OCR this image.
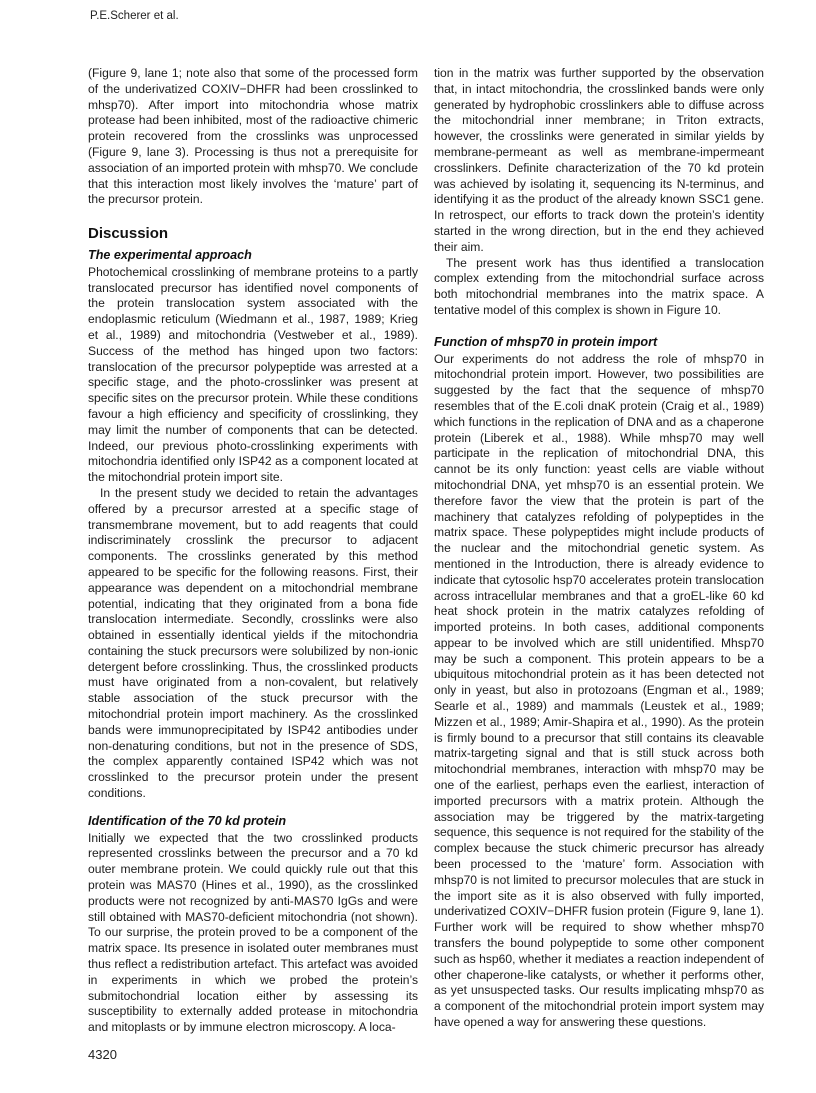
P.E.Scherer et al.

(Figure 9, lane 1; note also that some of the processed form of the underivatized COXIV−DHFR had been crosslinked to mhsp70). After import into mitochondria whose matrix protease had been inhibited, most of the radioactive chimeric protein recovered from the crosslinks was unprocessed (Figure 9, lane 3). Processing is thus not a prerequisite for association of an imported protein with mhsp70. We conclude that this interaction most likely involves the ‘mature’ part of the precursor protein.

Discussion
The experimental approach

Photochemical crosslinking of membrane proteins to a partly translocated precursor has identified novel components of the protein translocation system associated with the endoplasmic reticulum (Wiedmann et al., 1987, 1989; Krieg et al., 1989) and mitochondria (Vestweber et al., 1989). Success of the method has hinged upon two factors: translocation of the precursor polypeptide was arrested at a specific stage, and the photo-crosslinker was present at specific sites on the precursor protein. While these conditions favour a high efficiency and specificity of crosslinking, they may limit the number of components that can be detected. Indeed, our previous photo-crosslinking experiments with mitochondria identified only ISP42 as a component located at the mitochondrial protein import site.

In the present study we decided to retain the advantages offered by a precursor arrested at a specific stage of transmembrane movement, but to add reagents that could indiscriminately crosslink the precursor to adjacent components. The crosslinks generated by this method appeared to be specific for the following reasons. First, their appearance was dependent on a mitochondrial membrane potential, indicating that they originated from a bona fide translocation intermediate. Secondly, crosslinks were also obtained in essentially identical yields if the mitochondria containing the stuck precursors were solubilized by non-ionic detergent before crosslinking. Thus, the crosslinked products must have originated from a non-covalent, but relatively stable association of the stuck precursor with the mitochondrial protein import machinery. As the crosslinked bands were immunoprecipitated by ISP42 antibodies under non-denaturing conditions, but not in the presence of SDS, the complex apparently contained ISP42 which was not crosslinked to the precursor protein under the present conditions.

Identification of the 70 kd protein

Initially we expected that the two crosslinked products represented crosslinks between the precursor and a 70 kd outer membrane protein. We could quickly rule out that this protein was MAS70 (Hines et al., 1990), as the crosslinked products were not recognized by anti-MAS70 IgGs and were still obtained with MAS70-deficient mitochondria (not shown). To our surprise, the protein proved to be a component of the matrix space. Its presence in isolated outer membranes must thus reflect a redistribution artefact. This artefact was avoided in experiments in which we probed the protein’s submitochondrial location either by assessing its susceptibility to externally added protease in mitochondria and mitoplasts or by immune electron microscopy. A loca-

tion in the matrix was further supported by the observation that, in intact mitochondria, the crosslinked bands were only generated by hydrophobic crosslinkers able to diffuse across the mitochondrial inner membrane; in Triton extracts, however, the crosslinks were generated in similar yields by membrane-permeant as well as membrane-impermeant crosslinkers. Definite characterization of the 70 kd protein was achieved by isolating it, sequencing its N-terminus, and identifying it as the product of the already known SSC1 gene. In retrospect, our efforts to track down the protein’s identity started in the wrong direction, but in the end they achieved their aim.

The present work has thus identified a translocation complex extending from the mitochondrial surface across both mitochondrial membranes into the matrix space. A tentative model of this complex is shown in Figure 10.

Function of mhsp70 in protein import

Our experiments do not address the role of mhsp70 in mitochondrial protein import. However, two possibilities are suggested by the fact that the sequence of mhsp70 resembles that of the E.coli dnaK protein (Craig et al., 1989) which functions in the replication of DNA and as a chaperone protein (Liberek et al., 1988). While mhsp70 may well participate in the replication of mitochondrial DNA, this cannot be its only function: yeast cells are viable without mitochondrial DNA, yet mhsp70 is an essential protein. We therefore favor the view that the protein is part of the machinery that catalyzes refolding of polypeptides in the matrix space. These polypeptides might include products of the nuclear and the mitochondrial genetic system. As mentioned in the Introduction, there is already evidence to indicate that cytosolic hsp70 accelerates protein translocation across intracellular membranes and that a groEL-like 60 kd heat shock protein in the matrix catalyzes refolding of imported proteins. In both cases, additional components appear to be involved which are still unidentified. Mhsp70 may be such a component. This protein appears to be a ubiquitous mitochondrial protein as it has been detected not only in yeast, but also in protozoans (Engman et al., 1989; Searle et al., 1989) and mammals (Leustek et al., 1989; Mizzen et al., 1989; Amir-Shapira et al., 1990). As the protein is firmly bound to a precursor that still contains its cleavable matrix-targeting signal and that is still stuck across both mitochondrial membranes, interaction with mhsp70 may be one of the earliest, perhaps even the earliest, interaction of imported precursors with a matrix protein. Although the association may be triggered by the matrix-targeting sequence, this sequence is not required for the stability of the complex because the stuck chimeric precursor has already been processed to the ‘mature’ form. Association with mhsp70 is not limited to precursor molecules that are stuck in the import site as it is also observed with fully imported, underivatized COXIV−DHFR fusion protein (Figure 9, lane 1). Further work will be required to show whether mhsp70 transfers the bound polypeptide to some other component such as hsp60, whether it mediates a reaction independent of other chaperone-like catalysts, or whether it performs other, as yet unsuspected tasks. Our results implicating mhsp70 as a component of the mitochondrial protein import system may have opened a way for answering these questions.

4320
